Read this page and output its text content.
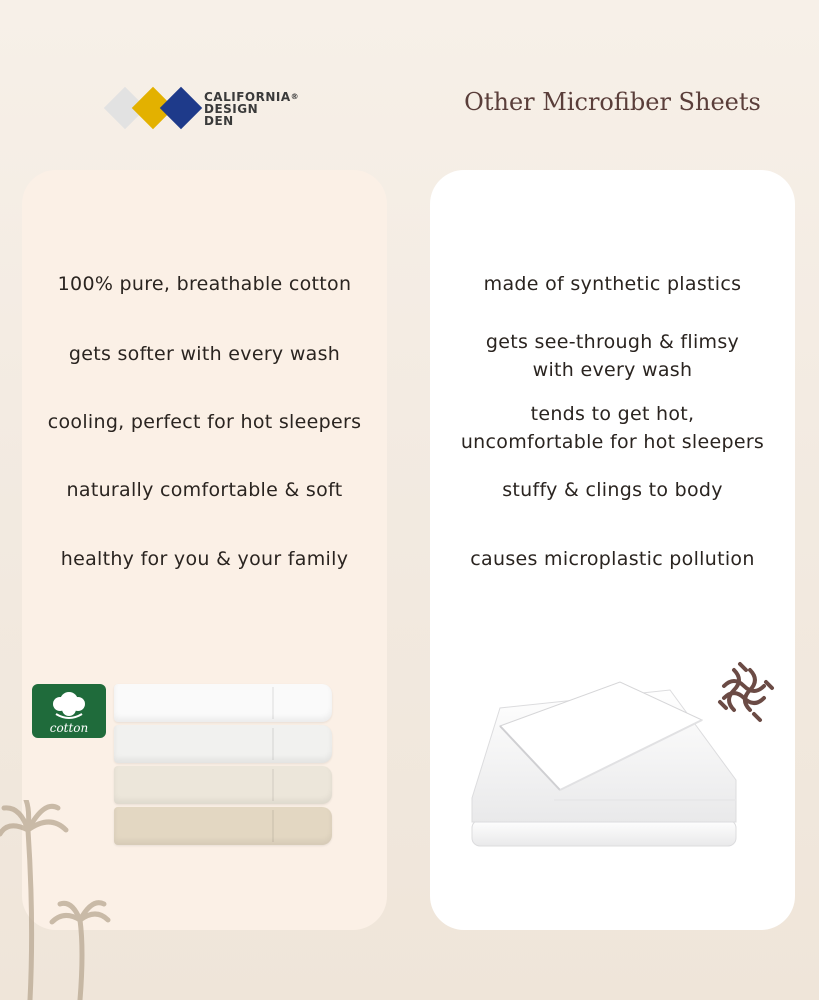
CALIFORNIA®
DESIGN
DEN
Other Microfiber Sheets
100% pure, breathable cotton
gets softer with every wash
cooling, perfect for hot sleepers
naturally comfortable & soft
healthy for you & your family
cotton
made of synthetic plastics
gets see-through & flimsy
with every wash
tends to get hot,
uncomfortable for hot sleepers
stuffy & clings to body
causes microplastic pollution
